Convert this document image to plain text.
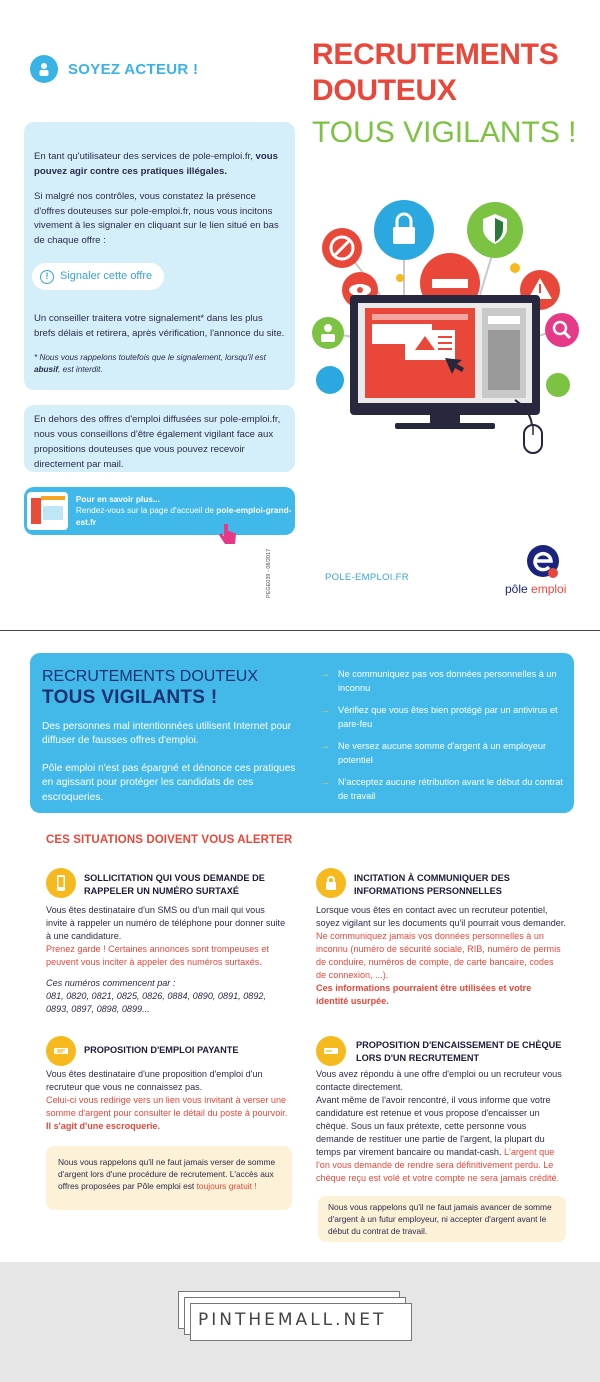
SOYEZ ACTEUR !	RECRUTEMENTS
DOUTEUX
TOUS VIGILANTS !

En tant qu'utilisateur des services de pole-emploi.fr, vous pouvez agir contre ces pratiques illégales.

Si malgré nos contrôles, vous constatez la présence d'offres douteuses sur pole-emploi.fr, nous vous incitons vivement à les signaler en cliquant sur le lien situé en bas de chaque offre :

!	Signaler cette offre

Un conseiller traitera votre signalement* dans les plus brefs délais et retirera, après vérification, l'annonce du site.

* Nous vous rappelons toutefois que le signalement, lorsqu'il est abusif, est interdit.

En dehors des offres d'emploi diffusées sur pole-emploi.fr, nous vous conseillons d'être également vigilant face aux propositions douteuses que vous pouvez recevoir directement par mail.
Pour en savoir plus...
Rendez-vous sur la page d'accueil de pole-emploi-grand-est.fr
PEGE039 - 08/2017	POLE-EMPLOI.FR
pôle emploi
RECRUTEMENTS DOUTEUX
TOUS VIGILANTS !
Des personnes mal intentionnées utilisent Internet pour diffuser de fausses offres d'emploi.
Pôle emploi n'est pas épargné et dénonce ces pratiques en agissant pour protéger les candidats de ces escroqueries.
→ Ne communiquez pas vos données personnelles à un inconnu
→ Vérifiez que vous êtes bien protégé par un antivirus et pare-feu
→ Ne versez aucune somme d'argent à un employeur potentiel
→ N'acceptez aucune rétribution avant le début du contrat de travail
CES SITUATIONS DOIVENT VOUS ALERTER
SOLLICITATION QUI VOUS DEMANDE DE RAPPELER UN NUMÉRO SURTAXÉ

Vous êtes destinataire d'un SMS ou d'un mail qui vous invite à rappeler un numéro de téléphone pour donner suite à une candidature.

Prenez garde ! Certaines annonces sont trompeuses et peuvent vous inciter à appeler des numéros surtaxés.

Ces numéros commencent par :

081, 0820, 0821, 0825, 0826, 0884, 0890, 0891, 0892, 0893, 0897, 0898, 0899...

INCITATION À COMMUNIQUER DES INFORMATIONS PERSONNELLES

Lorsque vous êtes en contact avec un recruteur potentiel, soyez vigilant sur les documents qu'il pourrait vous demander.

Ne communiquez jamais vos données personnelles à un inconnu (numéro de sécurité sociale, RIB, numéro de permis de conduire, numéros de compte, de carte bancaire, codes de connexion, ...).

Ces informations pourraient être utilisées et votre identité usurpée.

PROPOSITION D'EMPLOI PAYANTE

Vous êtes destinataire d'une proposition d'emploi d'un recruteur que vous ne connaissez pas.

Celui-ci vous redirige vers un lien vous invitant à verser une somme d'argent pour consulter le détail du poste à pourvoir. Il s'agit d'une escroquerie.

Nous vous rappelons qu'il ne faut jamais verser de somme d'argent lors d'une procédure de recrutement. L'accès aux offres proposées par Pôle emploi est toujours gratuit !
PROPOSITION D'ENCAISSEMENT DE CHÈQUE LORS D'UN RECRUTEMENT

Vous avez répondu à une offre d'emploi ou un recruteur vous contacte directement.

Avant même de l'avoir rencontré, il vous informe que votre candidature est retenue et vous propose d'encaisser un chèque. Sous un faux prétexte, cette personne vous demande de restituer une partie de l'argent, la plupart du temps par virement bancaire ou mandat-cash. L'argent que l'on vous demande de rendre sera définitivement perdu. Le chèque reçu est volé et votre compte ne sera jamais crédité.

Nous vous rappelons qu'il ne faut jamais avancer de somme d'argent à un futur employeur, ni accepter d'argent avant le début du contrat de travail.
PINTHEMALL.NET
